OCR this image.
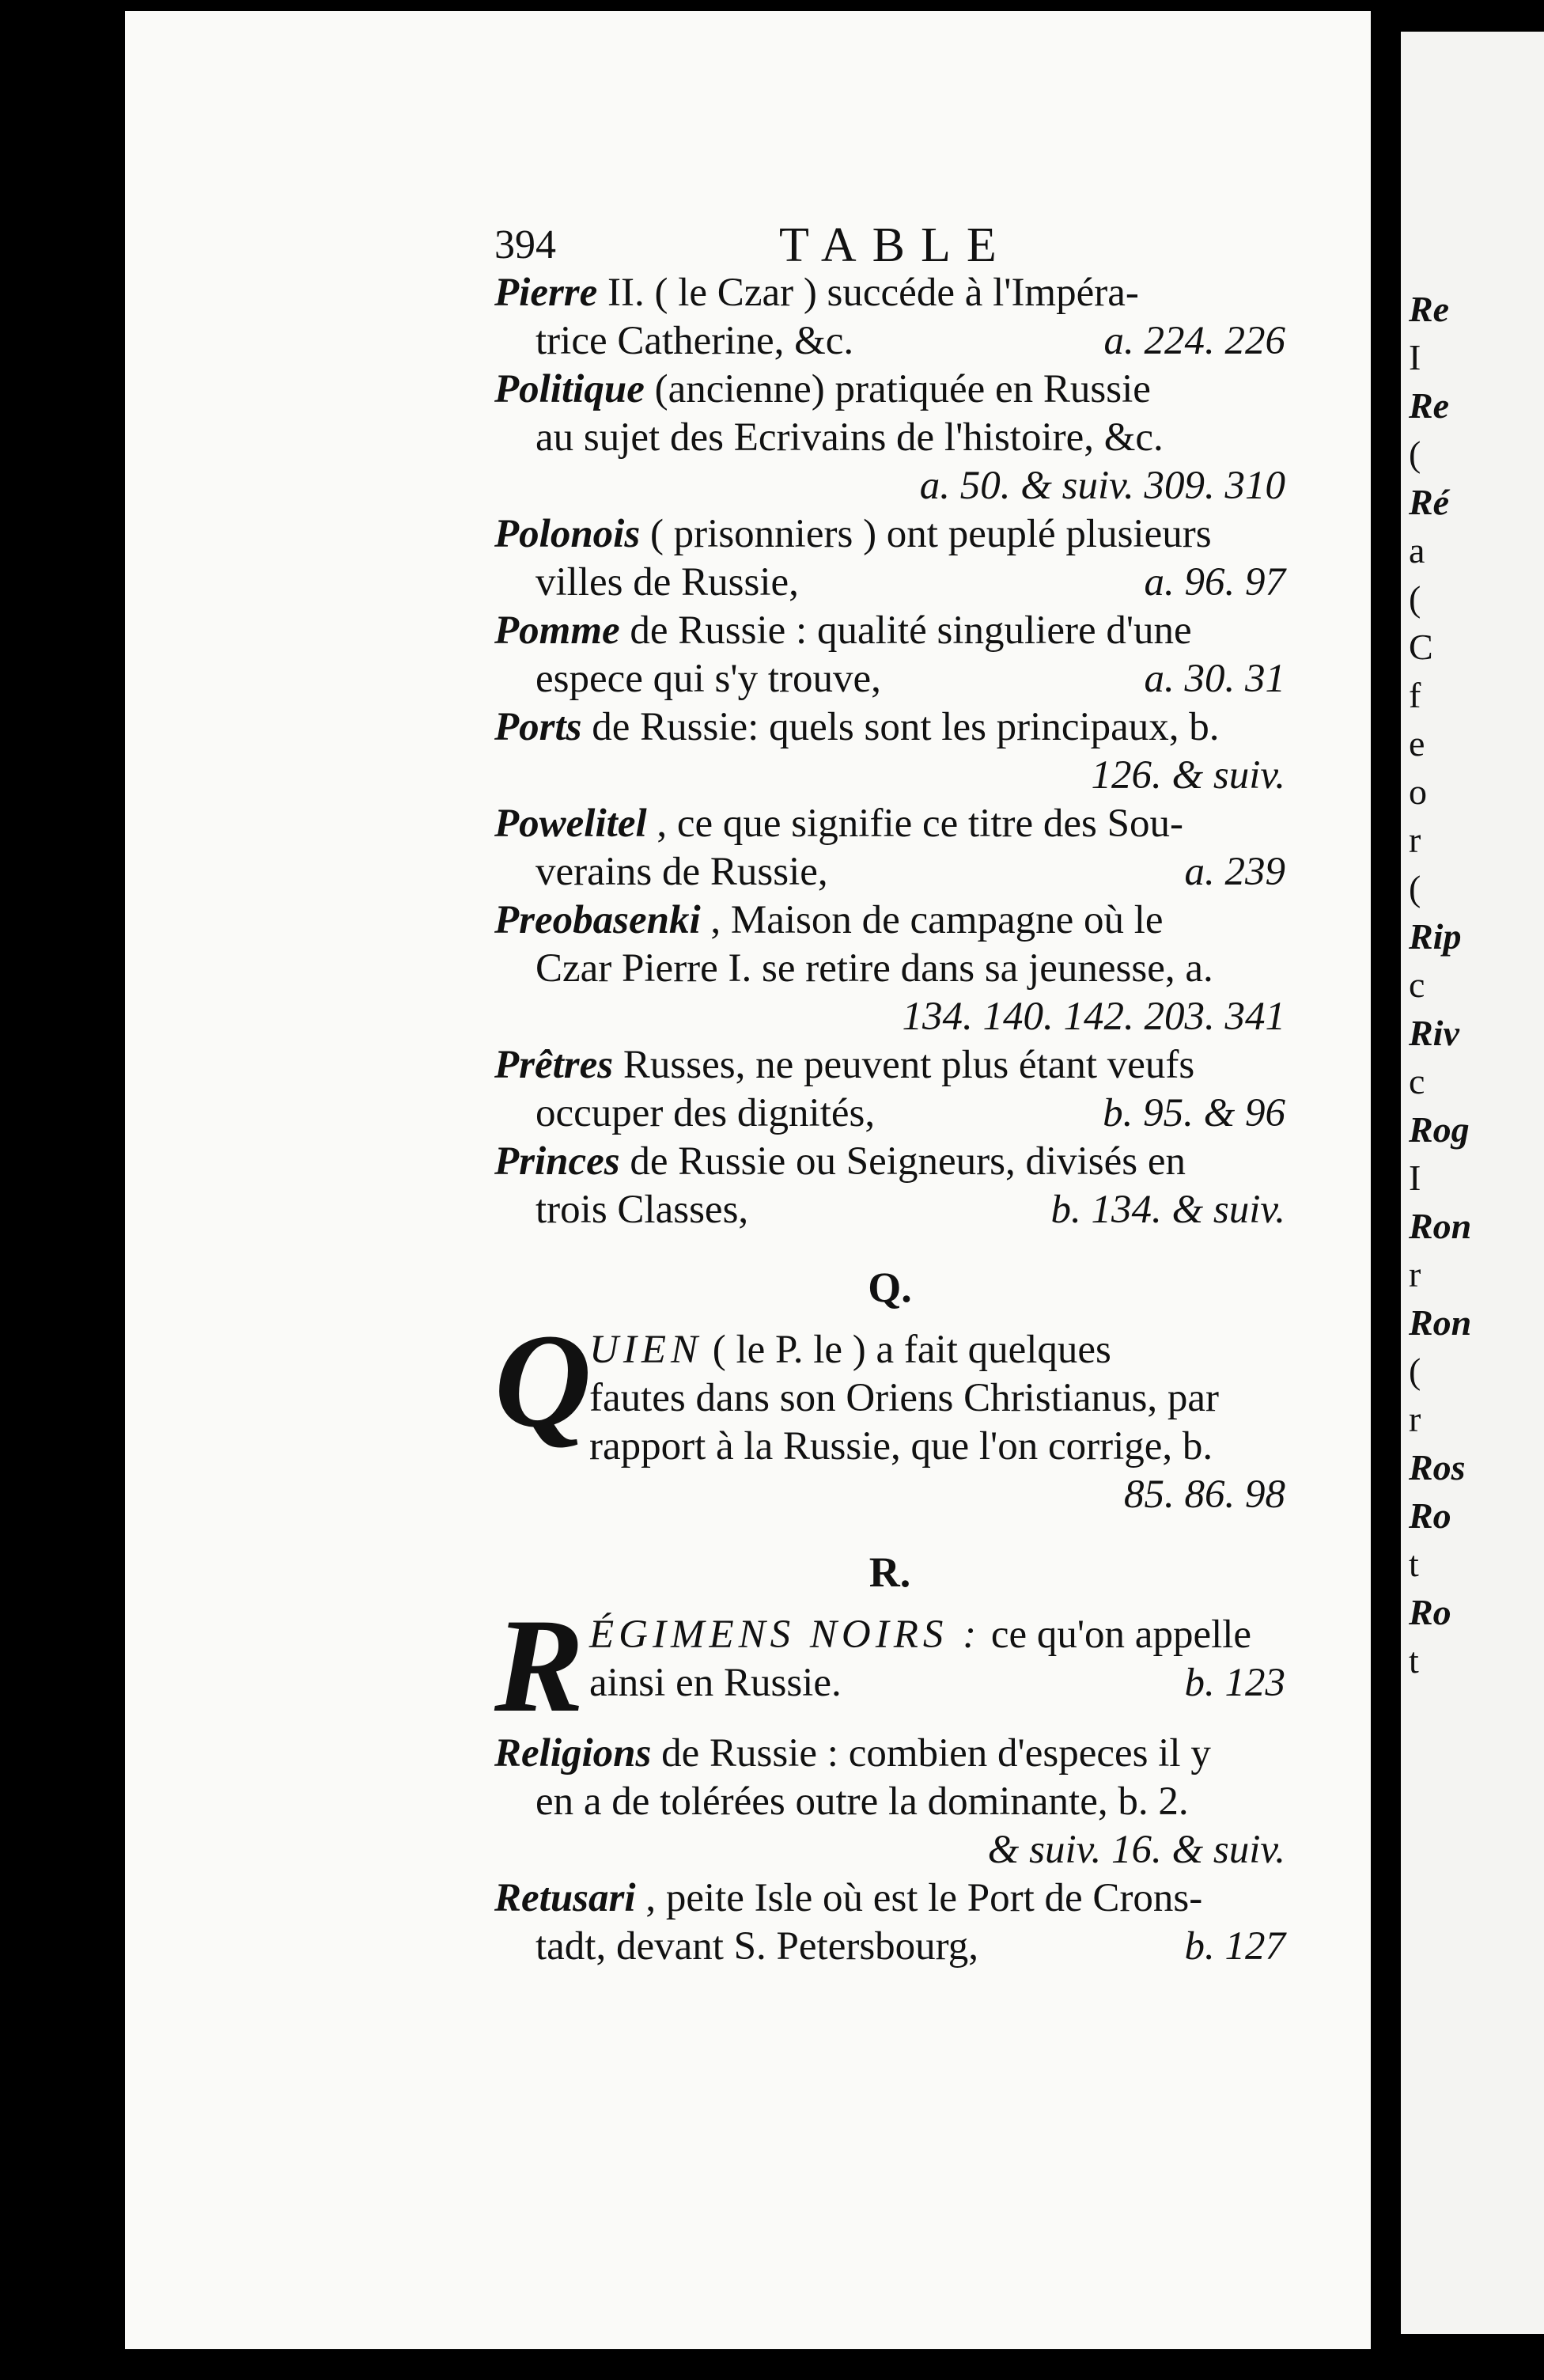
Re
I
Re
(
Ré
a
(
C
f
e
o
r
(
Rip
c
Riv
c
Rog
I
Ron
r
Ron
(
r
Ros
Ro
t
Ro
t
394	TABLE
Pierre II. ( le Czar ) succéde à l'Impéra-
trice Catherine, &c.	a. 224. 226
Politique (ancienne) pratiquée en Russie
au sujet des Ecrivains de l'histoire, &c.
a. 50. & suiv. 309. 310
Polonois ( prisonniers ) ont peuplé plusieurs
villes de Russie,	a. 96. 97
Pomme de Russie : qualité singuliere d'une
espece qui s'y trouve,	a. 30. 31
Ports de Russie: quels sont les principaux, b.
126. & suiv.
Powelitel , ce que signifie ce titre des Sou-
verains de Russie,	a. 239
Preobasenki , Maison de campagne où le
Czar Pierre I. se retire dans sa jeunesse, a.
134. 140. 142. 203. 341
Prêtres Russes, ne peuvent plus étant veufs
occuper des dignités,	b. 95. & 96
Princes de Russie ou Seigneurs, divisés en
trois Classes,	b. 134. & suiv.
Q.
Q
UIEN ( le P. le ) a fait quelques
fautes dans son Oriens Christianus, par
rapport à la Russie, que l'on corrige, b.
85. 86. 98
R.
R ÉGIMENS NOIRS : ce qu'on appelle
ainsi en Russie.	b. 123
Religions de Russie : combien d'especes il y
en a de tolérées outre la dominante, b. 2.
& suiv. 16. & suiv.
Retusari , peite Isle où est le Port de Crons-
tadt, devant S. Petersbourg,	b. 127
